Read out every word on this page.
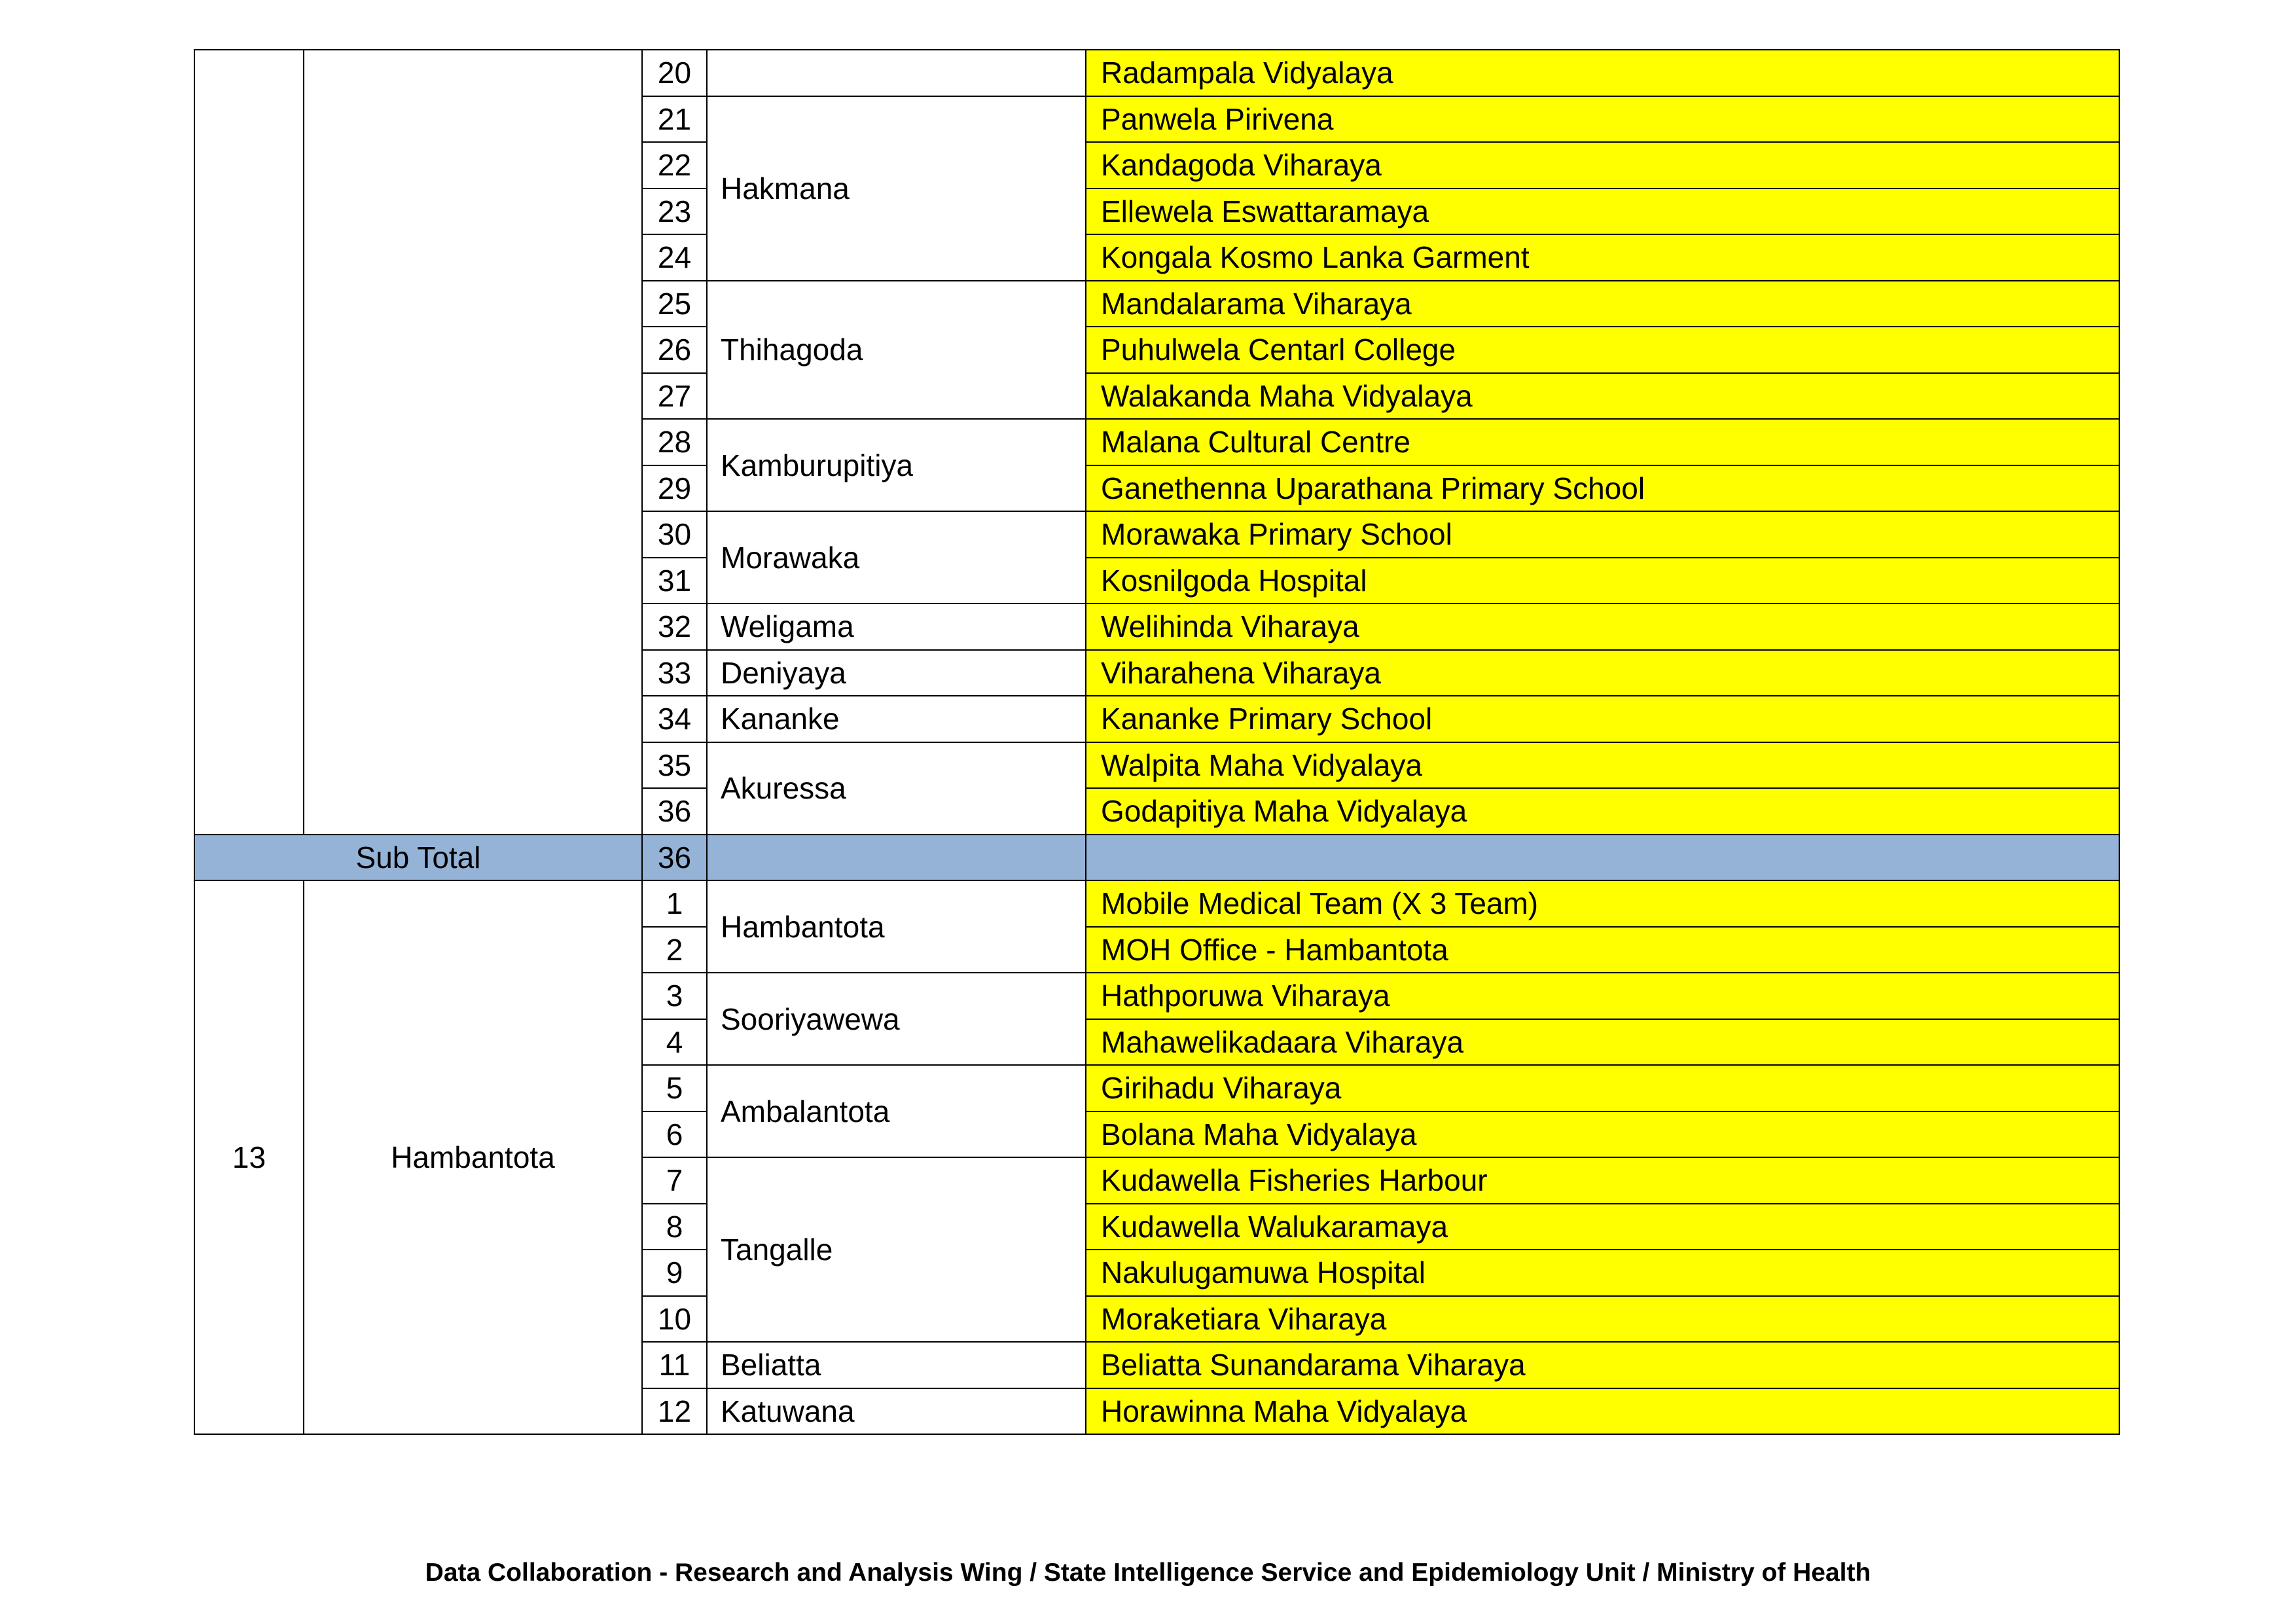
		20		Radampala Vidyalaya
		21	Hakmana	Panwela Pirivena
		22		Kandagoda Viharaya
		23		Ellewela Eswattaramaya
		24		Kongala Kosmo Lanka Garment
		25	Thihagoda	Mandalarama Viharaya
		26		Puhulwela Centarl College
		27		Walakanda Maha Vidyalaya
		28	Kamburupitiya	Malana Cultural Centre
		29		Ganethenna Uparathana Primary School
		30	Morawaka	Morawaka Primary School
		31		Kosnilgoda Hospital
		32	Weligama	Welihinda Viharaya
		33	Deniyaya	Viharahena Viharaya
		34	Kananke	Kananke Primary School
		35	Akuressa	Walpita Maha Vidyalaya
		36		Godapitiya Maha Vidyalaya
Sub Total		36		
13	Hambantota	1	Hambantota	Mobile Medical Team (X 3 Team)
		2		MOH Office - Hambantota
		3	Sooriyawewa	Hathporuwa Viharaya
		4		Mahawelikadaara Viharaya
		5	Ambalantota	Girihadu Viharaya
		6		Bolana Maha Vidyalaya
		7	Tangalle	Kudawella Fisheries Harbour
		8		Kudawella Walukaramaya
		9		Nakulugamuwa Hospital
		10		Moraketiara Viharaya
		11	Beliatta	Beliatta Sunandarama Viharaya
		12	Katuwana	Horawinna Maha Vidyalaya
Data Collaboration - Research and Analysis Wing / State Intelligence Service and Epidemiology Unit / Ministry of Health
